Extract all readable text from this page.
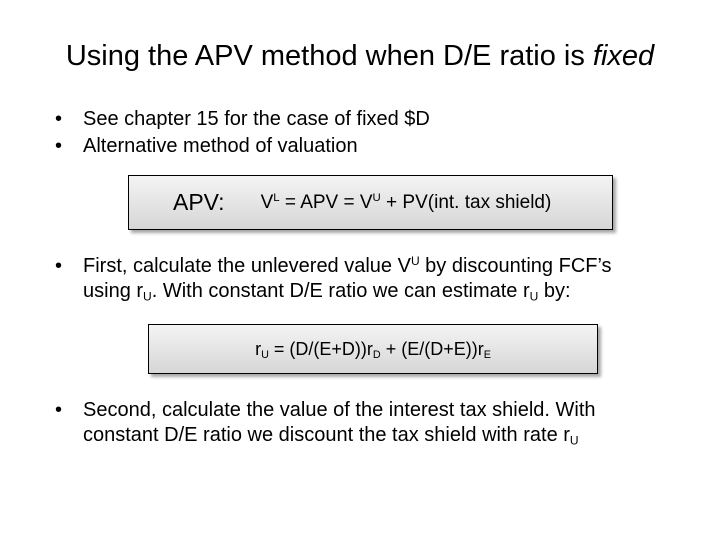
Using the APV method when D/E ratio is fixed
•	See chapter 15 for the case of fixed $D
•	Alternative method of valuation
APV: $V^L$ = APV = $V^U + PV(int$. tax shield)
•	First, calculate the unlevered value $V^U$ by discounting FCF’s
using $r_U$. With constant D/E ratio we can estimate $r_U$ by:
$r_U = (D/(E+D))r_D + (E/(D+E))r_E$
•	Second, calculate the value of the interest tax shield. With
constant D/E ratio we discount the tax shield with rate $r_U$
